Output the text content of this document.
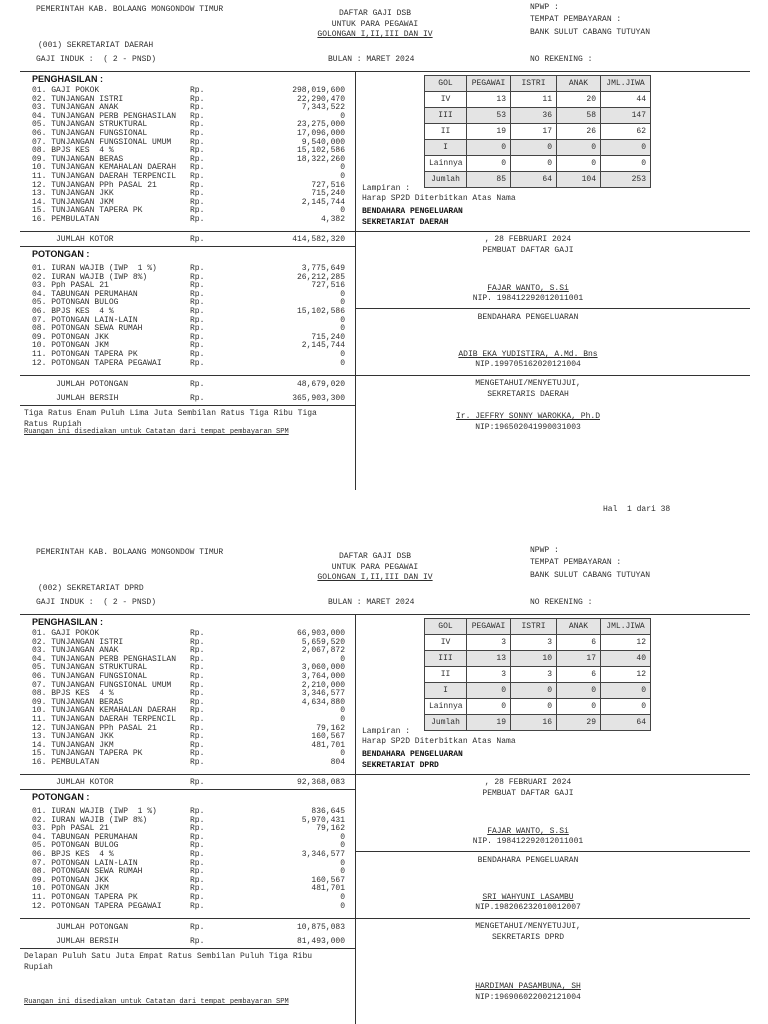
PEMERINTAH KAB. BOLAANG MONGONDOW TIMUR	DAFTAR GAJI DSB
UNTUK PARA PEGAWAI
GOLONGAN I,II,III DAN IV
NPWP :
TEMPAT PEMBAYARAN :
BANK SULUT CABANG TUTUYAN
(001) SEKRETARIAT DAERAH
GAJI INDUK :  ( 2 - PNSD)	BULAN : MARET 2024	NO REKENING :
PENGHASILAN :
01. GAJI POKOK	Rp.	298,019,600
02. TUNJANGAN ISTRI	Rp.	22,290,470
03. TUNJANGAN ANAK	Rp.	7,343,522
04. TUNJANGAN PERB PENGHASILAN Rp.	0
05. TUNJANGAN STRUKTURAL	Rp.	23,275,000
06. TUNJANGAN FUNGSIONAL	Rp.	17,096,000
07. TUNJANGAN FUNGSIONAL UMUM Rp.	9,540,000
08. BPJS KES  4 %	Rp.	15,102,586
09. TUNJANGAN BERAS	Rp.	18,322,260
10. TUNJANGAN KEMAHALAN DAERAH Rp.	0
11. TUNJANGAN DAERAH TERPENCIL Rp.	0
12. TUNJANGAN PPh PASAL 21	Rp.	727,516
13. TUNJANGAN JKK	Rp.	715,240
14. TUNJANGAN JKM	Rp.	2,145,744
15. TUNJANGAN TAPERA PK	Rp.	0
16. PEMBULATAN	Rp.	4,382
JUMLAH KOTOR	Rp.	414,582,320
POTONGAN :
01. IURAN WAJIB (IWP  1 %)	Rp.	3,775,649
02. IURAN WAJIB (IWP 8%)	Rp.	26,212,285
03. Pph PASAL 21	Rp.	727,516
04. TABUNGAN PERUMAHAN	Rp.	0
05. POTONGAN BULOG	Rp.	0
06. BPJS KES  4 %	Rp.	15,102,586
07. POTONGAN LAIN-LAIN	Rp.	0
08. POTONGAN SEWA RUMAH	Rp.	0
09. POTONGAN JKK	Rp.	715,240
10. POTONGAN JKM	Rp.	2,145,744
11. POTONGAN TAPERA PK	Rp.	0
12. POTONGAN TAPERA PEGAWAI	Rp.	0
JUMLAH POTONGAN	Rp.	48,679,020
JUMLAH BERSIH	Rp.	365,903,300
Tiga Ratus Enam Puluh Lima Juta Sembilan Ratus Tiga Ribu Tiga Ratus Rupiah
Ruangan ini disediakan untuk Catatan dari tempat pembayaran SPM
GOL	PEGAWAI	ISTRI	ANAK	JML.JIWA
IV	13	11	20	44
III	53	36	58	147
II	19	17	26	62
I	0	0	0	0
Lainnya	0	0	0	0
Jumlah	85	64	104	253
Lampiran :
Harap SP2D Diterbitkan Atas Nama
BENDAHARA PENGELUARAN
SEKRETARIAT DAERAH
, 28 FEBRUARI 2024
PEMBUAT DAFTAR GAJI
FAJAR WANTO, S.Si
NIP. 198412292012011001
BENDAHARA PENGELUARAN
ADIB EKA YUDISTIRA, A.Md. Bns
NIP.199705162020121004
MENGETAHUI/MENYETUJUI,
SEKRETARIS DAERAH
Ir. JEFFRY SONNY WAROKKA, Ph.D
NIP:196502041990031003
Hal  1 dari 38
PEMERINTAH KAB. BOLAANG MONGONDOW TIMUR	DAFTAR GAJI DSB
UNTUK PARA PEGAWAI
GOLONGAN I,II,III DAN IV
NPWP :
TEMPAT PEMBAYARAN :
BANK SULUT CABANG TUTUYAN
(002) SEKRETARIAT DPRD
GAJI INDUK :  ( 2 - PNSD)	BULAN : MARET 2024	NO REKENING :
PENGHASILAN :
01. GAJI POKOK	Rp.	66,903,000
02. TUNJANGAN ISTRI	Rp.	5,659,520
03. TUNJANGAN ANAK	Rp.	2,067,872
04. TUNJANGAN PERB PENGHASILAN Rp.	0
05. TUNJANGAN STRUKTURAL	Rp.	3,060,000
06. TUNJANGAN FUNGSIONAL	Rp.	3,764,000
07. TUNJANGAN FUNGSIONAL UMUM Rp.	2,210,000
08. BPJS KES  4 %	Rp.	3,346,577
09. TUNJANGAN BERAS	Rp.	4,634,880
10. TUNJANGAN KEMAHALAN DAERAH Rp.	0
11. TUNJANGAN DAERAH TERPENCIL Rp.	0
12. TUNJANGAN PPh PASAL 21	Rp.	79,162
13. TUNJANGAN JKK	Rp.	160,567
14. TUNJANGAN JKM	Rp.	481,701
15. TUNJANGAN TAPERA PK	Rp.	0
16. PEMBULATAN	Rp.	804
JUMLAH KOTOR	Rp.	92,368,083
POTONGAN :
01. IURAN WAJIB (IWP  1 %)	Rp.	836,645
02. IURAN WAJIB (IWP 8%)	Rp.	5,970,431
03. Pph PASAL 21	Rp.	79,162
04. TABUNGAN PERUMAHAN	Rp.	0
05. POTONGAN BULOG	Rp.	0
06. BPJS KES  4 %	Rp.	3,346,577
07. POTONGAN LAIN-LAIN	Rp.	0
08. POTONGAN SEWA RUMAH	Rp.	0
09. POTONGAN JKK	Rp.	160,567
10. POTONGAN JKM	Rp.	481,701
11. POTONGAN TAPERA PK	Rp.	0
12. POTONGAN TAPERA PEGAWAI	Rp.	0
JUMLAH POTONGAN	Rp.	10,875,083
JUMLAH BERSIH	Rp.	81,493,000
Delapan Puluh Satu Juta Empat Ratus Sembilan Puluh Tiga Ribu Rupiah
Ruangan ini disediakan untuk Catatan dari tempat pembayaran SPM
GOL	PEGAWAI	ISTRI	ANAK	JML.JIWA
IV	3	3	6	12
III	13	10	17	40
II	3	3	6	12
I	0	0	0	0
Lainnya	0	0	0	0
Jumlah	19	16	29	64
Lampiran :
Harap SP2D Diterbitkan Atas Nama
BENDAHARA PENGELUARAN
SEKRETARIAT DPRD
, 28 FEBRUARI 2024
PEMBUAT DAFTAR GAJI
FAJAR WANTO, S.Si
NIP. 198412292012011001
BENDAHARA PENGELUARAN
SRI WAHYUNI LASAMBU
NIP.198206232010012007
MENGETAHUI/MENYETUJUI,
SEKRETARIS DPRD
HARDIMAN PASAMBUNA, SH
NIP:196906022002121004
